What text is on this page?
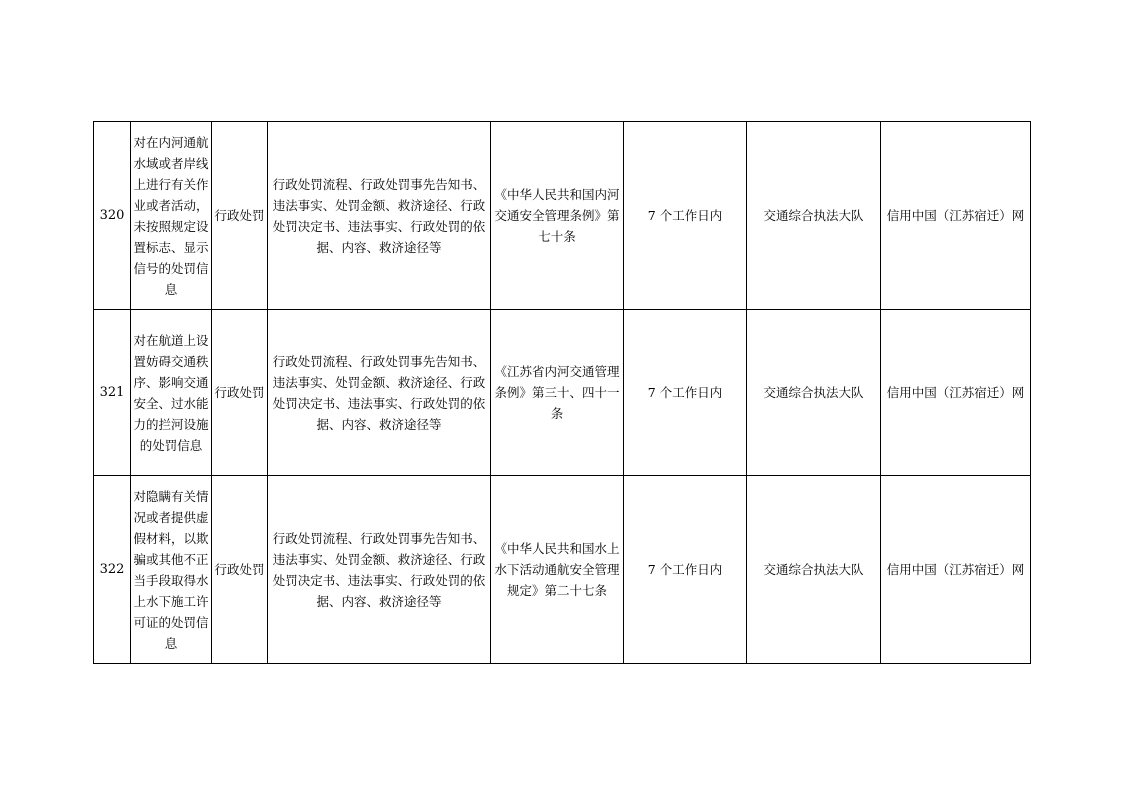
320	对在内河通航水域或者岸线上进行有关作业或者活动，未按照规定设置标志、显示信号的处罚信息	行政处罚	行政处罚流程、行政处罚事先告知书、违法事实、处罚金额、救济途径、行政处罚决定书、违法事实、行政处罚的依据、内容、救济途径等	《中华人民共和国内河交通安全管理条例》第七十条	7 个工作日内	交通综合执法大队	信用中国（江苏宿迁）网
321	对在航道上设置妨碍交通秩序、影响交通安全、过水能力的拦河设施的处罚信息	行政处罚	行政处罚流程、行政处罚事先告知书、违法事实、处罚金额、救济途径、行政处罚决定书、违法事实、行政处罚的依据、内容、救济途径等	《江苏省内河交通管理条例》第三十、四十一条	7 个工作日内	交通综合执法大队	信用中国（江苏宿迁）网
322	对隐瞒有关情况或者提供虚假材料，以欺骗或其他不正当手段取得水上水下施工许可证的处罚信息	行政处罚	行政处罚流程、行政处罚事先告知书、违法事实、处罚金额、救济途径、行政处罚决定书、违法事实、行政处罚的依据、内容、救济途径等	《中华人民共和国水上水下活动通航安全管理规定》第二十七条	7 个工作日内	交通综合执法大队	信用中国（江苏宿迁）网
